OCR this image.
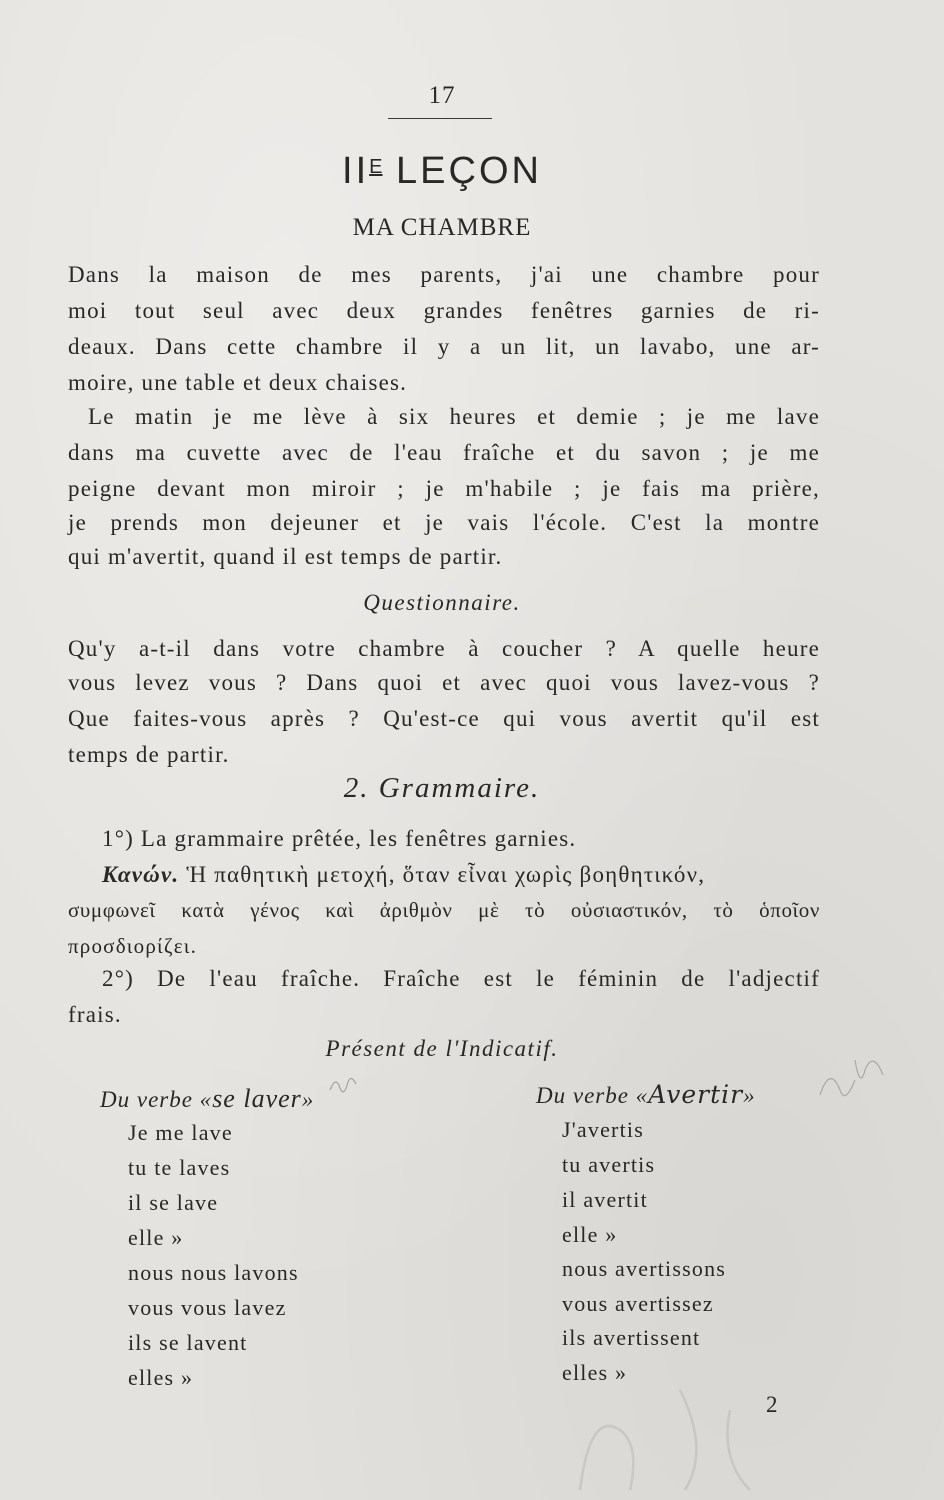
17
$II^E$ LEÇON
MA CHAMBRE
Dans la maison de mes parents, j'ai une chambre pour
moi tout seul avec deux grandes fenêtres garnies de ri-
deaux. Dans cette chambre il y a un lit, un lavabo, une ar-
moire, une table et deux chaises.
Le matin je me lève à six heures et demie ; je me lave
dans ma cuvette avec de l'eau fraîche et du savon ; je me
peigne devant mon miroir ; je m'habile ; je fais ma prière,
je prends mon dejeuner et je vais l'école. C'est la montre
qui m'avertit, quand il est temps de partir.
Questionnaire.
Qu'y a-t-il dans votre chambre à coucher ? A quelle heure
vous levez vous ? Dans quoi et avec quoi vous lavez-vous ?
Que faites-vous après ? Qu'est-ce qui vous avertit qu'il est
temps de partir.
2. Grammaire.
1°) La grammaire prêtée, les fenêtres garnies.
Κανών. Ἡ παθητικὴ μετοχή, ὅταν εἶναι χωρὶς βοηθητικόν,
συμφωνεῖ κατὰ γένος καὶ ἀριθμὸν μὲ τὸ οὐσιαστικόν, τὸ ὁποῖον
προσδιορίζει.
2°) De l'eau fraîche. Fraîche est le féminin de l'adjectif
frais.
Présent de l'Indicatif.
Du verbe «se laver»	Du verbe «Avertir»
Je me lave
tu te laves
il se lave
elle »
nous nous lavons
vous vous lavez
ils se lavent
elles »
J'avertis
tu avertis
il avertit
elle »
nous avertissons
vous avertissez
ils avertissent
elles »
2
